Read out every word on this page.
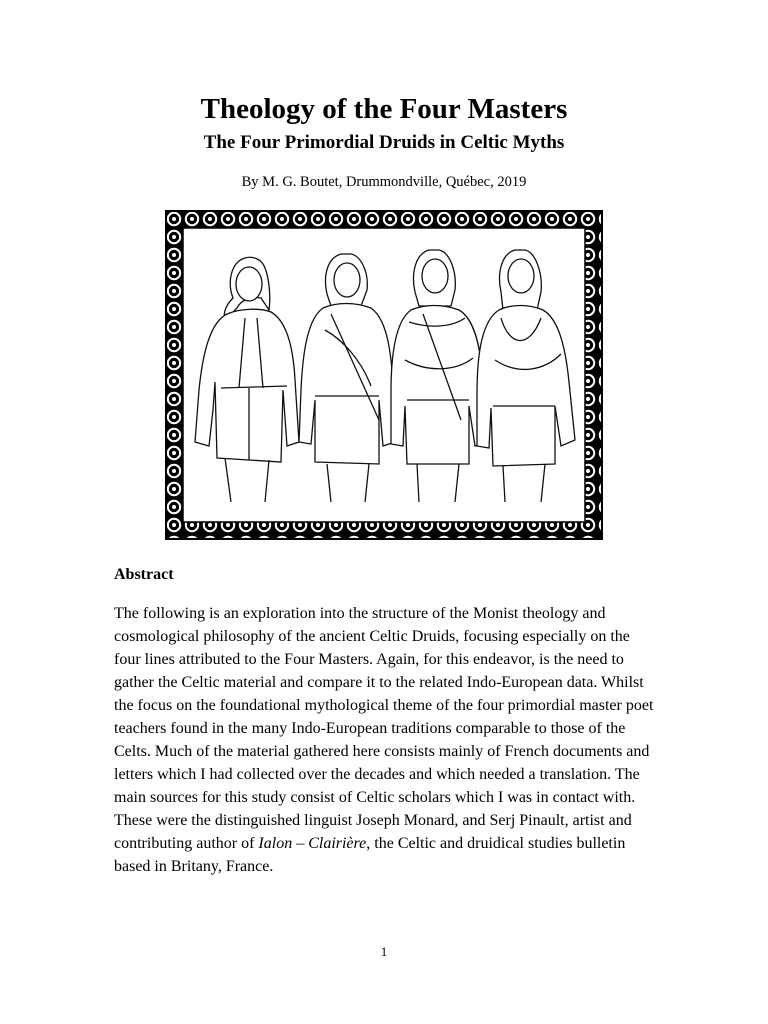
Theology of the Four Masters
The Four Primordial Druids in Celtic Myths
By M. G. Boutet, Drummondville, Québec, 2019
Abstract
The following is an exploration into the structure of the Monist theology and cosmological philosophy of the ancient Celtic Druids, focusing especially on the four lines attributed to the Four Masters. Again, for this endeavor, is the need to gather the Celtic material and compare it to the related Indo-European data. Whilst the focus on the foundational mythological theme of the four primordial master poet teachers found in the many Indo-European traditions comparable to those of the Celts. Much of the material gathered here consists mainly of French documents and letters which I had collected over the decades and which needed a translation. The main sources for this study consist of Celtic scholars which I was in contact with. These were the distinguished linguist Joseph Monard, and Serj Pinault, artist and contributing author of Ialon – Clairière, the Celtic and druidical studies bulletin based in Britany, France.
1
